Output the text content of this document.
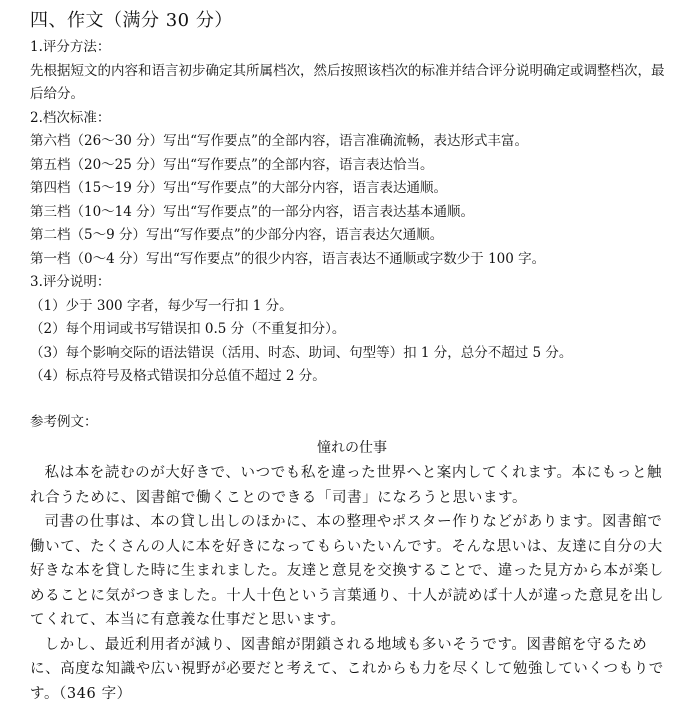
四、作文（满分 30 分）
1.评分方法：
先根据短文的内容和语言初步确定其所属档次，然后按照该档次的标准并结合评分说明确定或调整档次，最后给分。
2.档次标准：
第六档（26～30 分）写出“写作要点”的全部内容，语言准确流畅，表达形式丰富。
第五档（20～25 分）写出“写作要点”的全部内容，语言表达恰当。
第四档（15～19 分）写出“写作要点”的大部分内容，语言表达通顺。
第三档（10～14 分）写出“写作要点”的一部分内容，语言表达基本通顺。
第二档（5～9 分）写出“写作要点”的少部分内容，语言表达欠通顺。
第一档（0～4 分）写出“写作要点”的很少内容，语言表达不通顺或字数少于 100 字。
3.评分说明：
（1）少于 300 字者，每少写一行扣 1 分。
（2）每个用词或书写错误扣 0.5 分（不重复扣分）。
（3）每个影响交际的语法错误（活用、时态、助词、句型等）扣 1 分，总分不超过 5 分。
（4）标点符号及格式错误扣分总值不超过 2 分。
参考例文：
憧れの仕事
私は本を読むのが大好きで、いつでも私を違った世界へと案内してくれます。本にもっと触れ合うために、図書館で働くことのできる「司書」になろうと思います。
司書の仕事は、本の貸し出しのほかに、本の整理やポスター作りなどがあります。図書館で働いて、たくさんの人に本を好きになってもらいたいんです。そんな思いは、友達に自分の大好きな本を貸した時に生まれました。友達と意見を交換することで、違った見方から本が楽しめることに気がつきました。十人十色という言葉通り、十人が読めば十人が違った意見を出してくれて、本当に有意義な仕事だと思います。
しかし、最近利用者が減り、図書館が閉鎖される地域も多いそうです。図書館を守るために、高度な知識や広い視野が必要だと考えて、これからも力を尽くして勉強していくつもりです。（346 字）
